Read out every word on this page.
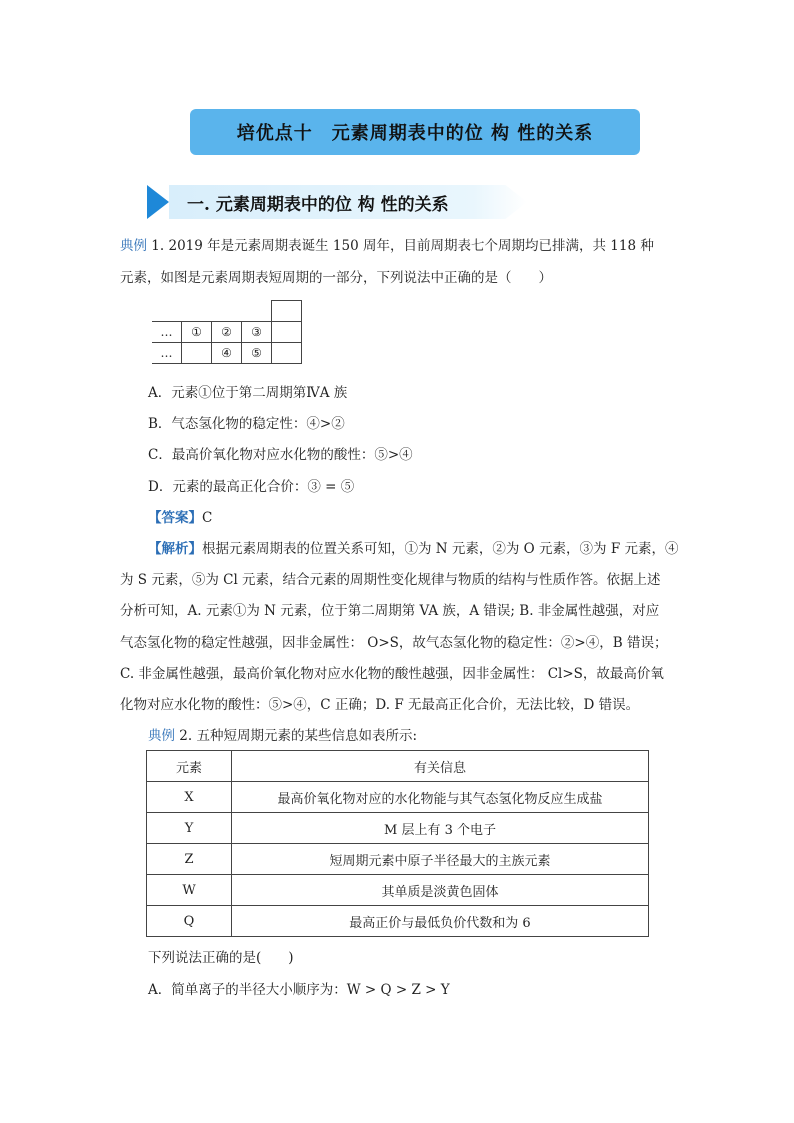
培优点十　元素周期表中的位 构 性的关系
一. 元素周期表中的位 构 性的关系
典例 1. 2019 年是元素周期表诞生 150 周年，目前周期表七个周期均已排满，共 118 种
元素，如图是元素周期表短周期的一部分，下列说法中正确的是（　　）

…	①	②	③	
…		④	⑤	
A．元素①位于第二周期第ⅣA 族
B．气态氢化物的稳定性：④>②
C．最高价氧化物对应水化物的酸性：⑤>④
D．元素的最高正化合价：③ = ⑤
【答案】C
【解析】根据元素周期表的位置关系可知，①为 N 元素，②为 O 元素，③为 F 元素，④
为 S 元素，⑤为 Cl 元素，结合元素的周期性变化规律与物质的结构与性质作答。依据上述
分析可知，A. 元素①为 N 元素，位于第二周期第 VA 族，A 错误; B. 非金属性越强，对应
气态氢化物的稳定性越强，因非金属性： O>S，故气态氢化物的稳定性：②>④，B 错误；
C. 非金属性越强，最高价氧化物对应水化物的酸性越强，因非金属性： Cl>S，故最高价氧
化物对应水化物的酸性：⑤>④，C 正确；D. F 无最高正化合价，无法比较，D 错误。
典例 2. 五种短周期元素的某些信息如表所示:
元素	有关信息
X	最高价氧化物对应的水化物能与其气态氢化物反应生成盐
Y	M 层上有 3 个电子
Z	短周期元素中原子半径最大的主族元素
W	其单质是淡黄色固体
Q	最高正价与最低负价代数和为 6
下列说法正确的是(　　)
A．简单离子的半径大小顺序为：W > Q > Z > Y
